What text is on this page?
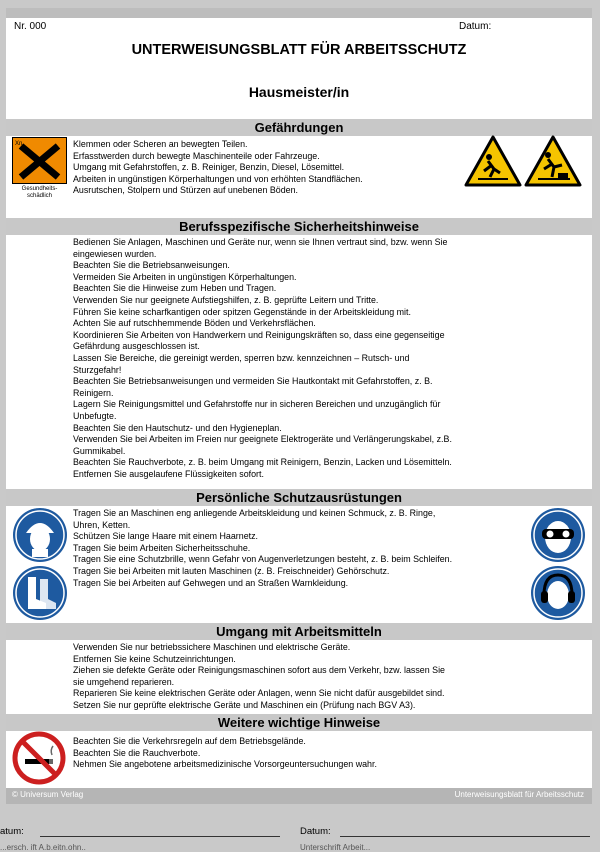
Nr. 000	Datum:
UNTERWEISUNGSBLATT FÜR ARBEITSSCHUTZ
Hausmeister/in
Gefährdungen
Xn
Gesundheits-
schädlich
Klemmen oder Scheren an bewegten Teilen.
Erfasstwerden durch bewegte Maschinenteile oder Fahrzeuge.
Umgang mit Gefahrstoffen, z. B. Reiniger, Benzin, Diesel, Lösemittel.
Arbeiten in ungünstigen Körperhaltungen und von erhöhten Standflächen.
Ausrutschen, Stolpern und Stürzen auf unebenen Böden.
Berufsspezifische Sicherheitshinweise
Bedienen Sie Anlagen, Maschinen und Geräte nur, wenn sie Ihnen vertraut sind, bzw. wenn Sie
eingewiesen wurden.
Beachten Sie die Betriebsanweisungen.
Vermeiden Sie Arbeiten in ungünstigen Körperhaltungen.
Beachten Sie die Hinweise zum Heben und Tragen.
Verwenden Sie nur geeignete Aufstiegshilfen, z. B. geprüfte Leitern und Tritte.
Führen Sie keine scharfkantigen oder spitzen Gegenstände in der Arbeitskleidung mit.
Achten Sie auf rutschhemmende Böden und Verkehrsflächen.
Koordinieren Sie Arbeiten von Handwerkern und Reinigungskräften so, dass eine gegenseitige
Gefährdung ausgeschlossen ist.
Lassen Sie Bereiche, die gereinigt werden, sperren bzw. kennzeichnen – Rutsch- und
Sturzgefahr!
Beachten Sie Betriebsanweisungen und vermeiden Sie Hautkontakt mit Gefahrstoffen, z. B.
Reinigern.
Lagern Sie Reinigungsmittel und Gefahrstoffe nur in sicheren Bereichen und unzugänglich für
Unbefugte.
Beachten Sie den Hautschutz- und den Hygieneplan.
Verwenden Sie bei Arbeiten im Freien nur geeignete Elektrogeräte und Verlängerungskabel, z.B.
Gummikabel.
Beachten Sie Rauchverbote, z. B. beim Umgang mit Reinigern, Benzin, Lacken und Lösemitteln.
Entfernen Sie ausgelaufene Flüssigkeiten sofort.
Persönliche Schutzausrüstungen
Tragen Sie an Maschinen eng anliegende Arbeitskleidung und keinen Schmuck, z. B. Ringe,
Uhren, Ketten.
Schützen Sie lange Haare mit einem Haarnetz.
Tragen Sie beim Arbeiten Sicherheitsschuhe.
Tragen Sie eine Schutzbrille, wenn Gefahr von Augenverletzungen besteht, z. B. beim Schleifen.
Tragen Sie bei Arbeiten mit lauten Maschinen (z. B. Freischneider) Gehörschutz.
Tragen Sie bei Arbeiten auf Gehwegen und an Straßen Warnkleidung.
Umgang mit Arbeitsmitteln
Verwenden Sie nur betriebssichere Maschinen und elektrische Geräte.
Entfernen Sie keine Schutzeinrichtungen.
Ziehen sie defekte Geräte oder Reinigungsmaschinen sofort aus dem Verkehr, bzw. lassen Sie
sie umgehend reparieren.
Reparieren Sie keine elektrischen Geräte oder Anlagen, wenn Sie nicht dafür ausgebildet sind.
Setzen Sie nur geprüfte elektrische Geräte und Maschinen ein (Prüfung nach BGV A3).
Weitere wichtige Hinweise
Beachten Sie die Verkehrsregeln auf dem Betriebsgelände.
Beachten Sie die Rauchverbote.
Nehmen Sie angebotene arbeitsmedizinische Vorsorgeuntersuchungen wahr.
© Universum Verlag	Unterweisungsblatt für Arbeitsschutz
atum:	Datum:
...ersch. ift A.b.eitn.ohn..	Unterschrift Arbeit...
